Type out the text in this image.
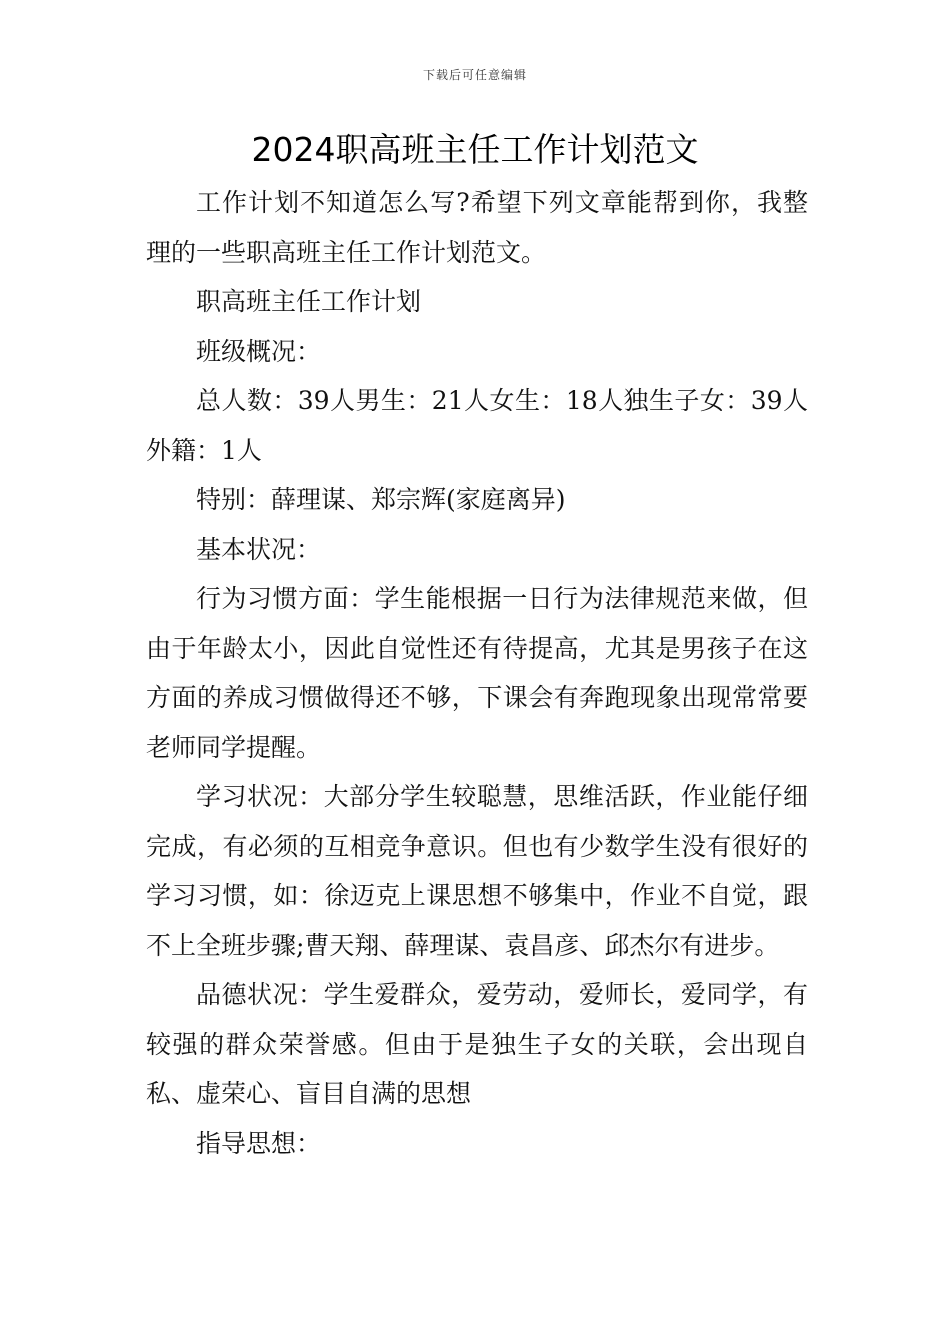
下载后可任意编辑
2024职高班主任工作计划范文

工作计划不知道怎么写?希望下列文章能帮到你，我整理的一些职高班主任工作计划范文。

职高班主任工作计划

班级概况：

总人数：39人男生：21人女生：18人独生子女：39人外籍：1人

特别：薛理谋、郑宗辉(家庭离异)

基本状况：

行为习惯方面：学生能根据一日行为法律规范来做，但由于年龄太小，因此自觉性还有待提高，尤其是男孩子在这方面的养成习惯做得还不够，下课会有奔跑现象出现常常要老师同学提醒。

学习状况：大部分学生较聪慧，思维活跃，作业能仔细完成，有必须的互相竞争意识。但也有少数学生没有很好的学习习惯，如：徐迈克上课思想不够集中，作业不自觉，跟不上全班步骤;曹天翔、薛理谋、袁昌彦、邱杰尔有进步。

品德状况：学生爱群众，爱劳动，爱师长，爱同学，有较强的群众荣誉感。但由于是独生子女的关联，会出现自私、虚荣心、盲目自满的思想

指导思想：
